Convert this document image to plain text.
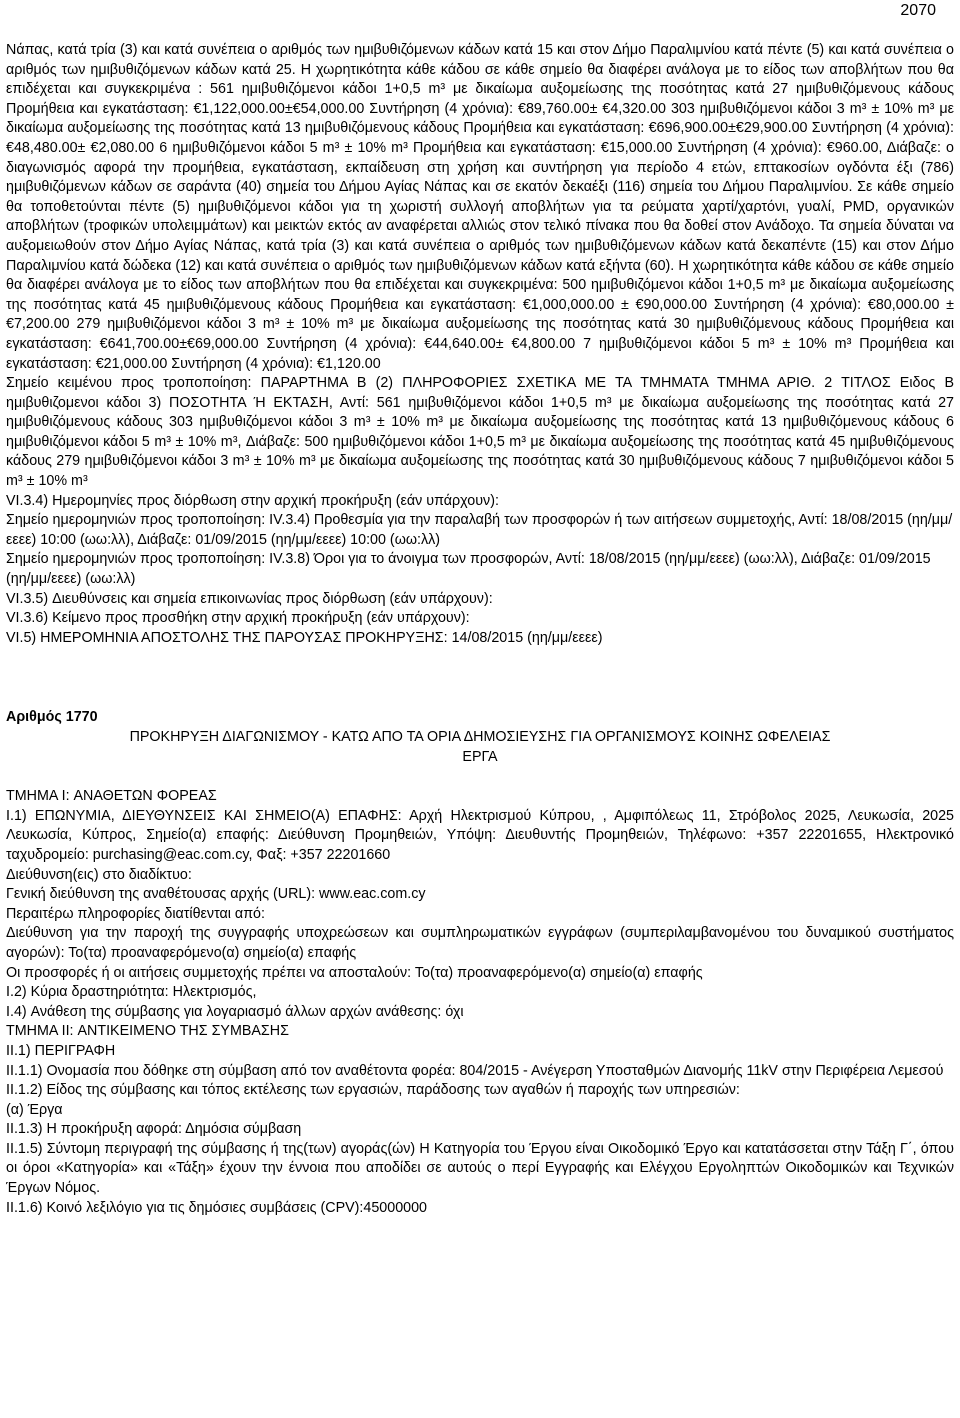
2070

Νάπας, κατά τρία (3) και κατά συνέπεια ο αριθμός των ημιβυθιζόμενων κάδων κατά 15 και στον Δήμο Παραλιμνίου κατά πέντε (5) και κατά συνέπεια ο αριθμός των ημιβυθιζόμενων κάδων κατά 25. Η χωρητικότητα κάθε κάδου σε κάθε σημείο θα διαφέρει ανάλογα με το είδος των αποβλήτων που θα επιδέχεται και συγκεκριμένα : 561 ημιβυθιζόμενοι κάδοι 1+0,5 m³ με δικαίωμα αυξομείωσης της ποσότητας κατά 27 ημιβυθιζόμενους κάδους Προμήθεια και εγκατάσταση: €1,122,000.00±€54,000.00 Συντήρηση (4 χρόνια): €89,760.00± €4,320.00 303 ημιβυθιζόμενοι κάδοι 3 m³ ± 10% m³ με δικαίωμα αυξομείωσης της ποσότητας κατά 13 ημιβυθιζόμενους κάδους Προμήθεια και εγκατάσταση: €696,900.00±€29,900.00 Συντήρηση (4 χρόνια): €48,480.00± €2,080.00 6 ημιβυθιζόμενοι κάδοι 5 m³ ± 10% m³ Προμήθεια και εγκατάσταση: €15,000.00 Συντήρηση (4 χρόνια): €960.00, Διάβαζε: ο διαγωνισμός αφορά την προμήθεια, εγκατάσταση, εκπαίδευση στη χρήση και συντήρηση για περίοδο 4 ετών, επτακοσίων ογδόντα έξι (786) ημιβυθιζόμενων κάδων σε σαράντα (40) σημεία του Δήμου Αγίας Νάπας και σε εκατόν δεκαέξι (116) σημεία του Δήμου Παραλιμνίου. Σε κάθε σημείο θα τοποθετούνται πέντε (5) ημιβυθιζόμενοι κάδοι για τη χωριστή συλλογή αποβλήτων για τα ρεύματα χαρτί/χαρτόνι, γυαλί, PMD, οργανικών αποβλήτων (τροφικών υπολειμμάτων) και μεικτών εκτός αν αναφέρεται αλλιώς στον τελικό πίνακα που θα δοθεί στον Ανάδοχο. Τα σημεία δύναται να αυξομειωθούν στον Δήμο Αγίας Νάπας, κατά τρία (3) και κατά συνέπεια ο αριθμός των ημιβυθιζόμενων κάδων κατά δεκαπέντε (15) και στον Δήμο Παραλιμνίου κατά δώδεκα (12) και κατά συνέπεια ο αριθμός των ημιβυθιζόμενων κάδων κατά εξήντα (60). Η χωρητικότητα κάθε κάδου σε κάθε σημείο θα διαφέρει ανάλογα με το είδος των αποβλήτων που θα επιδέχεται και συγκεκριμένα: 500 ημιβυθιζόμενοι κάδοι 1+0,5 m³ με δικαίωμα αυξομείωσης της ποσότητας κατά 45 ημιβυθιζόμενους κάδους Προμήθεια και εγκατάσταση: €1,000,000.00 ± €90,000.00 Συντήρηση (4 χρόνια): €80,000.00 ± €7,200.00 279 ημιβυθιζόμενοι κάδοι 3 m³ ± 10% m³ με δικαίωμα αυξομείωσης της ποσότητας κατά 30 ημιβυθιζόμενους κάδους Προμήθεια και εγκατάσταση: €641,700.00±€69,000.00 Συντήρηση (4 χρόνια): €44,640.00± €4,800.00 7 ημιβυθιζόμενοι κάδοι 5 m³ ± 10% m³ Προμήθεια και εγκατάσταση: €21,000.00 Συντήρηση (4 χρόνια): €1,120.00

Σημείο κειμένου προς τροποποίηση: ΠΑΡΑΡΤΗΜΑ Β (2) ΠΛΗΡΟΦΟΡΙΕΣ ΣΧΕΤΙΚΑ ΜΕ ΤΑ ΤΜΗΜΑΤΑ ΤΜΗΜΑ ΑΡΙΘ. 2 ΤΙΤΛΟΣ Ειδος Β ημιβυθιζομενοι κάδοι 3) ΠΟΣΟΤΗΤΑ Ή ΕΚΤΑΣΗ, Αντί: 561 ημιβυθιζόμενοι κάδοι 1+0,5 m³ με δικαίωμα αυξομείωσης της ποσότητας κατά 27 ημιβυθιζόμενους κάδους 303 ημιβυθιζόμενοι κάδοι 3 m³ ± 10% m³ με δικαίωμα αυξομείωσης της ποσότητας κατά 13 ημιβυθιζόμενους κάδους 6 ημιβυθιζόμενοι κάδοι 5 m³ ± 10% m³, Διάβαζε: 500 ημιβυθιζόμενοι κάδοι 1+0,5 m³ με δικαίωμα αυξομείωσης της ποσότητας κατά 45 ημιβυθιζόμενους κάδους 279 ημιβυθιζόμενοι κάδοι 3 m³ ± 10% m³ με δικαίωμα αυξομείωσης της ποσότητας κατά 30 ημιβυθιζόμενους κάδους 7 ημιβυθιζόμενοι κάδοι 5 m³ ± 10% m³

VI.3.4) Ημερομηνίες προς διόρθωση στην αρχική προκήρυξη (εάν υπάρχουν):

Σημείο ημερομηνιών προς τροποποίηση: IV.3.4) Προθεσμία για την παραλαβή των προσφορών ή των αιτήσεων συμμετοχής, Αντί: 18/08/2015 (ηη/μμ/εεεε) 10:00 (ωω:λλ), Διάβαζε: 01/09/2015 (ηη/μμ/εεεε) 10:00 (ωω:λλ)

Σημείο ημερομηνιών προς τροποποίηση: IV.3.8) Όροι για το άνοιγμα των προσφορών, Αντί: 18/08/2015 (ηη/μμ/εεεε) (ωω:λλ), Διάβαζε: 01/09/2015 (ηη/μμ/εεεε) (ωω:λλ)

VI.3.5) Διευθύνσεις και σημεία επικοινωνίας προς διόρθωση (εάν υπάρχουν):

VI.3.6) Κείμενο προς προσθήκη στην αρχική προκήρυξη (εάν υπάρχουν):

VI.5) ΗΜΕΡΟΜΗΝΙΑ ΑΠΟΣΤΟΛΗΣ ΤΗΣ ΠΑΡΟΥΣΑΣ ΠΡΟΚΗΡΥΞΗΣ: 14/08/2015 (ηη/μμ/εεεε)

Αριθμός 1770

ΠΡΟΚΗΡΥΞΗ ΔΙΑΓΩΝΙΣΜΟΥ - ΚΑΤΩ ΑΠΟ ΤΑ ΟΡΙΑ ΔΗΜΟΣΙΕΥΣΗΣ ΓΙΑ ΟΡΓΑΝΙΣΜΟΥΣ ΚΟΙΝΗΣ ΩΦΕΛΕΙΑΣ

ΕΡΓΑ

ΤΜΗΜΑ I: ΑΝΑΘΕΤΩΝ ΦΟΡΕΑΣ

I.1) ΕΠΩΝΥΜΙΑ, ΔΙΕΥΘΥΝΣΕΙΣ ΚΑΙ ΣΗΜΕΙΟ(Α) ΕΠΑΦΗΣ: Αρχή Ηλεκτρισμού Κύπρου, , Αμφιπόλεως 11, Στρόβολος 2025, Λευκωσία, 2025 Λευκωσία, Κύπρος, Σημείο(α) επαφής: Διεύθυνση Προμηθειών, Υπόψη: Διευθυντής Προμηθειών, Τηλέφωνο: +357 22201655, Ηλεκτρονικό ταχυδρομείο: purchasing@eac.com.cy, Φαξ: +357 22201660

Διεύθυνση(εις) στο διαδίκτυο:

Γενική διεύθυνση της αναθέτουσας αρχής (URL): www.eac.com.cy

Περαιτέρω πληροφορίες διατίθενται από:

Διεύθυνση για την παροχή της συγγραφής υποχρεώσεων και συμπληρωματικών εγγράφων (συμπεριλαμβανομένου του δυναμικού συστήματος αγορών): Το(τα) προαναφερόμενο(α) σημείο(α) επαφής

Οι προσφορές ή οι αιτήσεις συμμετοχής πρέπει να αποσταλούν: Το(τα) προαναφερόμενο(α) σημείο(α) επαφής

I.2) Κύρια δραστηριότητα: Ηλεκτρισμός,

I.4) Ανάθεση της σύμβασης για λογαριασμό άλλων αρχών ανάθεσης: όχι

ΤΜΗΜΑ II: ΑΝΤΙΚΕΙΜΕΝΟ ΤΗΣ ΣΥΜΒΑΣΗΣ

II.1) ΠΕΡΙΓΡΑΦΗ

II.1.1) Ονομασία που δόθηκε στη σύμβαση από τον αναθέτοντα φορέα: 804/2015 - Ανέγερση Υποσταθμών Διανομής 11kV στην Περιφέρεια Λεμεσού

II.1.2) Είδος της σύμβασης και τόπος εκτέλεσης των εργασιών, παράδοσης των αγαθών ή παροχής των υπηρεσιών:

(α) Έργα

II.1.3) Η προκήρυξη αφορά: Δημόσια σύμβαση

II.1.5) Σύντομη περιγραφή της σύμβασης ή της(των) αγοράς(ών) Η Κατηγορία του Έργου είναι Οικοδομικό Έργο και κατατάσσεται στην Τάξη Γ΄, όπου οι όροι «Κατηγορία» και «Τάξη» έχουν την έννοια που αποδίδει σε αυτούς ο περί Εγγραφής και Ελέγχου Εργοληπτών Οικοδομικών και Τεχνικών Έργων Νόμος.

II.1.6) Κοινό λεξιλόγιο για τις δημόσιες συμβάσεις (CPV):45000000
